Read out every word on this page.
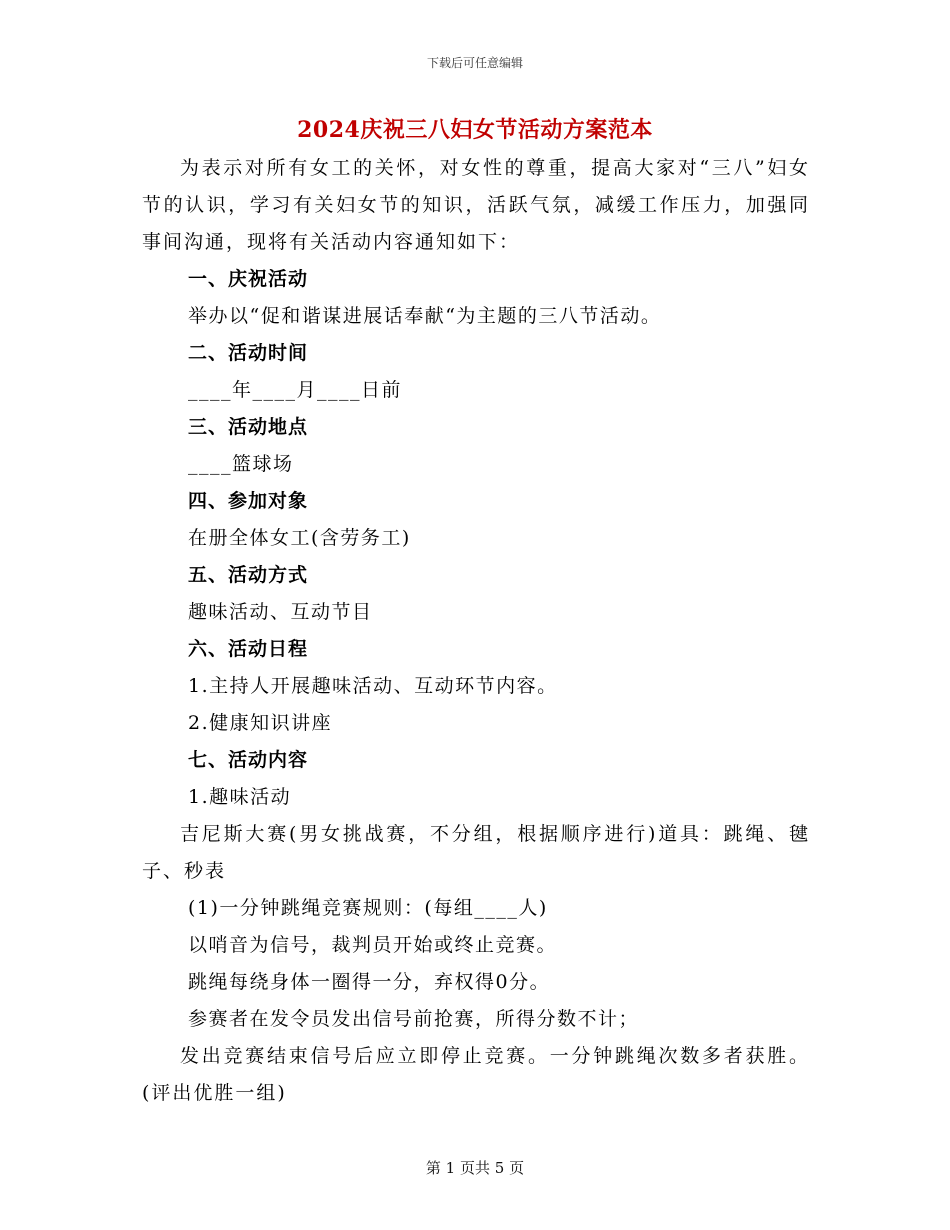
下载后可任意编辑
2024庆祝三八妇女节活动方案范本
为表示对所有女工的关怀，对女性的尊重，提高大家对“三八”妇女节的认识，学习有关妇女节的知识，活跃气氛，减缓工作压力，加强同事间沟通，现将有关活动内容通知如下：
一、庆祝活动
举办以“促和谐谋进展话奉献“为主题的三八节活动。
二、活动时间
____年____月____日前
三、活动地点
____篮球场
四、参加对象
在册全体女工(含劳务工)
五、活动方式
趣味活动、互动节目
六、活动日程
1.主持人开展趣味活动、互动环节内容。
2.健康知识讲座
七、活动内容
1.趣味活动
吉尼斯大赛(男女挑战赛，不分组，根据顺序进行)道具：跳绳、毽子、秒表
(1)一分钟跳绳竞赛规则：(每组____人)
以哨音为信号，裁判员开始或终止竞赛。
跳绳每绕身体一圈得一分，弃权得0分。
参赛者在发令员发出信号前抢赛，所得分数不计；
发出竞赛结束信号后应立即停止竞赛。一分钟跳绳次数多者获胜。(评出优胜一组)
第 1 页共 5 页
